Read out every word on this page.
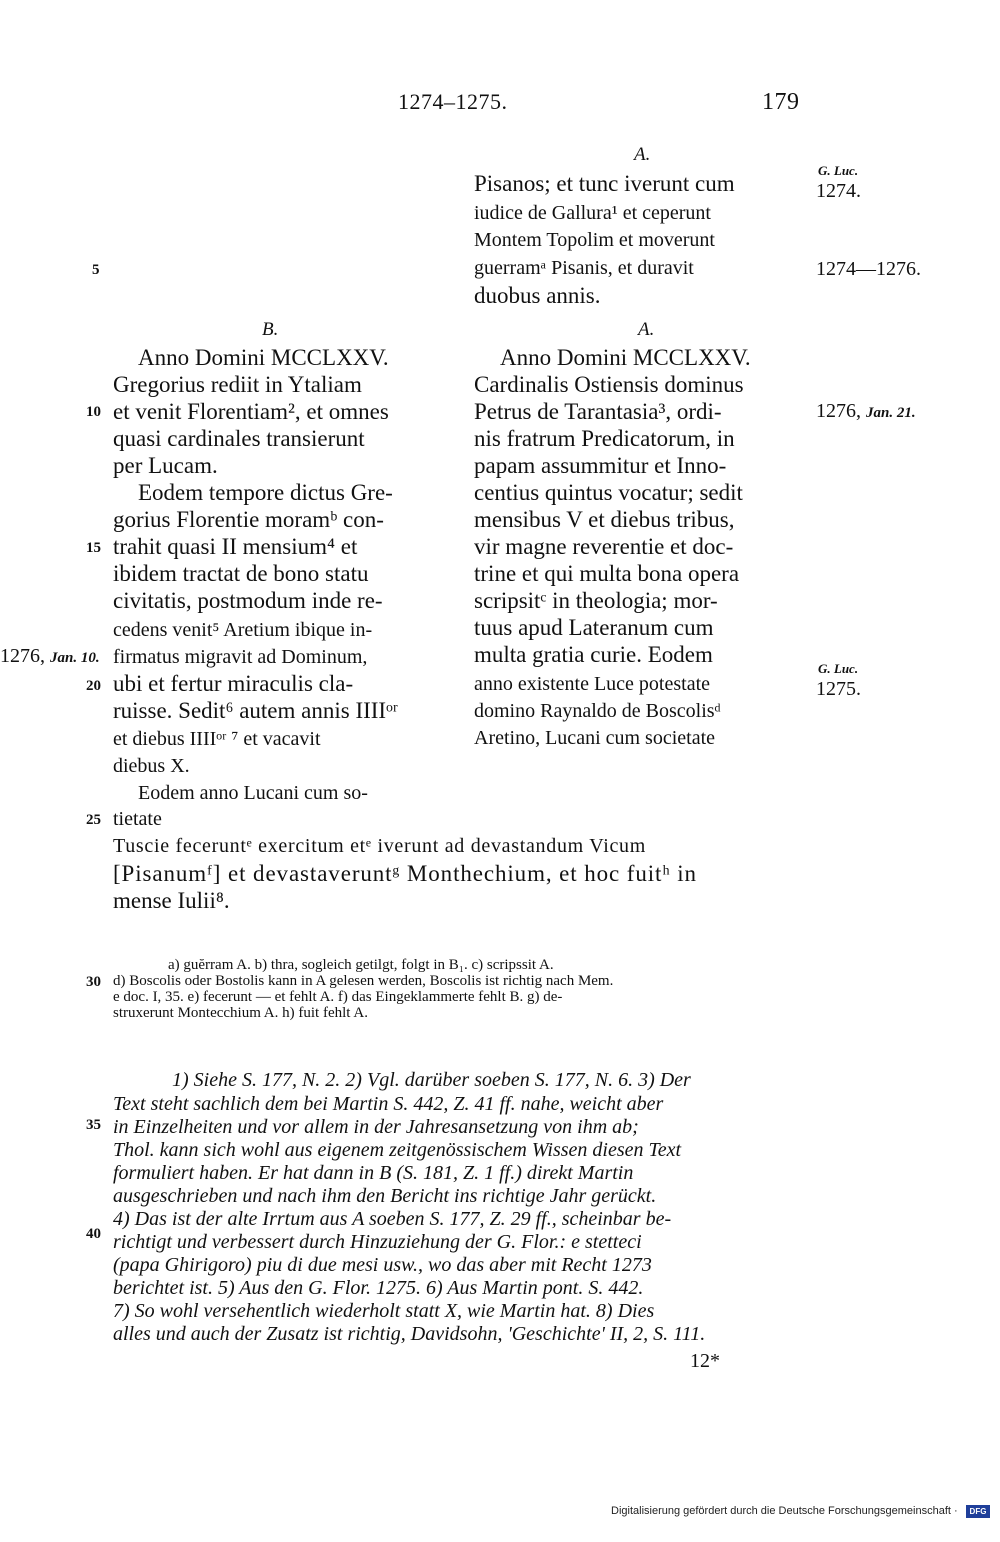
1274–1275.	179
A.
Pisanos; et tunc iverunt cum
iudice de Gallura¹ et ceperunt
Montem Topolim et moverunt
guerramᵃ Pisanis, et duravit
duobus annis.
G. Luc.
1274.
1274—1276.
B.	A.
Anno Domini MCCLXXV.
Gregorius rediit in Ytaliam
et venit Florentiam², et omnes
quasi cardinales transierunt
per Lucam.
Eodem tempore dictus Gre-
gorius Florentie moramᵇ con-
trahit quasi II mensium⁴ et
ibidem tractat de bono statu
civitatis, postmodum inde re-
cedens venit⁵ Aretium ibique in-
firmatus migravit ad Dominum,
ubi et fertur miraculis cla-
ruisse. Sedit⁶ autem annis IIIIᵒʳ
et diebus IIIIᵒʳ ⁷ et vacavit
diebus X.
Eodem anno Lucani cum so-
tietate
Anno Domini MCCLXXV.
Cardinalis Ostiensis dominus
Petrus de Tarantasia³, ordi-
nis fratrum Predicatorum, in
papam assummitur et Inno-
centius quintus vocatur; sedit
mensibus V et diebus tribus,
vir magne reverentie et doc-
trine et qui multa bona opera
scripsitᶜ in theologia; mor-
tuus apud Lateranum cum
multa gratia curie. Eodem
anno existente Luce potestate
domino Raynaldo de Boscolisᵈ
Aretino, Lucani cum societate
1276, Jan. 10.
1276, Jan. 21.
G. Luc.
1275.
5
10
15
20
25
30
35
40
Tuscie feceruntᵉ exercitum etᵉ iverunt ad devastandum Vicum
[Pisanumᶠ] et devastaveruntᵍ Monthechium, et hoc fuitʰ in
mense Iulii⁸.
a) guĕrram A. b) thra, sogleich getilgt, folgt in B₁. c) scripssit A.
d) Boscolis oder Bostolis kann in A gelesen werden, Boscolis ist richtig nach Mem.
e doc. I, 35. e) fecerunt — et fehlt A. f) das Eingeklammerte fehlt B. g) de-
struxerunt Montecchium A. h) fuit fehlt A.
1) Siehe S. 177, N. 2. 2) Vgl. darüber soeben S. 177, N. 6. 3) Der
Text steht sachlich dem bei Martin S. 442, Z. 41 ff. nahe, weicht aber
in Einzelheiten und vor allem in der Jahresansetzung von ihm ab;
Thol. kann sich wohl aus eigenem zeitgenössischem Wissen diesen Text
formuliert haben. Er hat dann in B (S. 181, Z. 1 ff.) direkt Martin
ausgeschrieben und nach ihm den Bericht ins richtige Jahr gerückt.
4) Das ist der alte Irrtum aus A soeben S. 177, Z. 29 ff., scheinbar be-
richtigt und verbessert durch Hinzuziehung der G. Flor.: e stetteci
(papa Ghirigoro) piu di due mesi usw., wo das aber mit Recht 1273
berichtet ist. 5) Aus den G. Flor. 1275. 6) Aus Martin pont. S. 442.
7) So wohl versehentlich wiederholt statt X, wie Martin hat. 8) Dies
alles und auch der Zusatz ist richtig, Davidsohn, 'Geschichte' II, 2, S. 111.
12*
Digitalisierung gefördert durch die Deutsche Forschungsgemeinschaft ·	DFG
